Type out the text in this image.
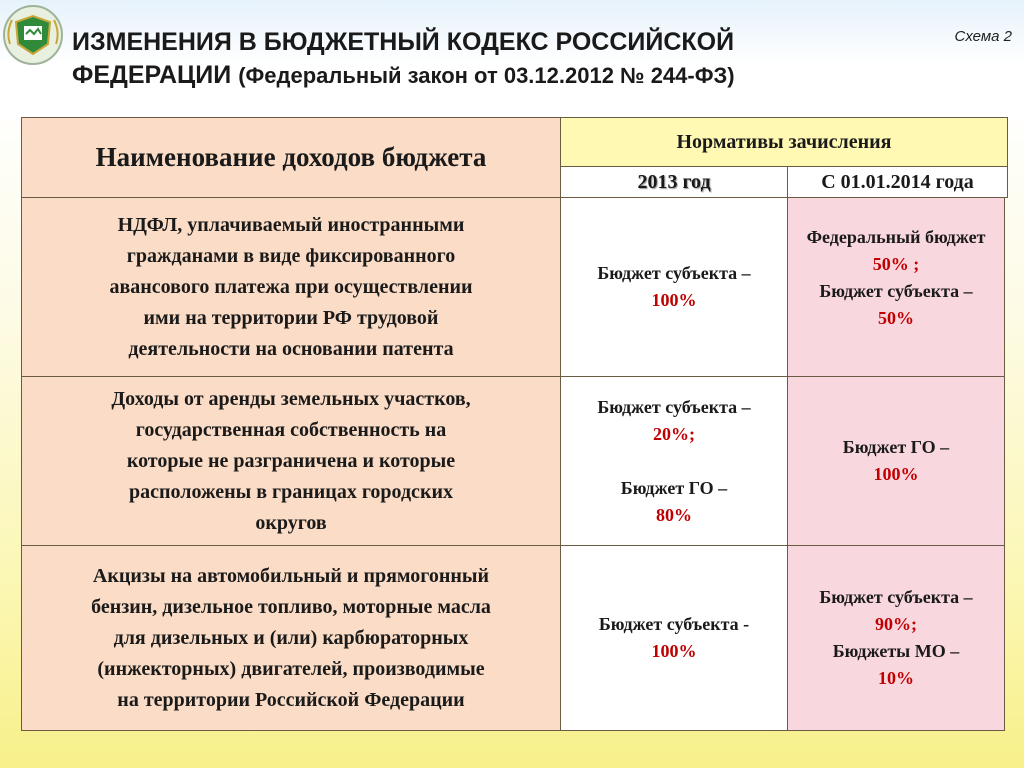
ИЗМЕНЕНИЯ В БЮДЖЕТНЫЙ КОДЕКС РОССИЙСКОЙ
ФЕДЕРАЦИИ (Федеральный закон от 03.12.2012 № 244-ФЗ)
Схема 2
Наименование доходов бюджета
Нормативы зачисления
2013 год	С 01.01.2014 года
НДФЛ, уплачиваемый иностранными
гражданами в виде фиксированного
авансового платежа при осуществлении
ими на территории РФ трудовой
деятельности на основании патента
Бюджет субъекта –
100%
Федеральный бюджет
50% ;
Бюджет субъекта –
50%
Доходы от аренды земельных участков,
государственная собственность на
которые не разграничена и которые
расположены в границах городских
округов
Бюджет субъекта –
20%;
Бюджет ГО –
80%
Бюджет ГО –
100%
Акцизы на автомобильный и прямогонный
бензин, дизельное топливо, моторные масла
для дизельных и (или) карбюраторных
(инжекторных) двигателей, производимые
на территории Российской Федерации
Бюджет субъекта -
100%
Бюджет субъекта –
90%;
Бюджеты МО –
10%
